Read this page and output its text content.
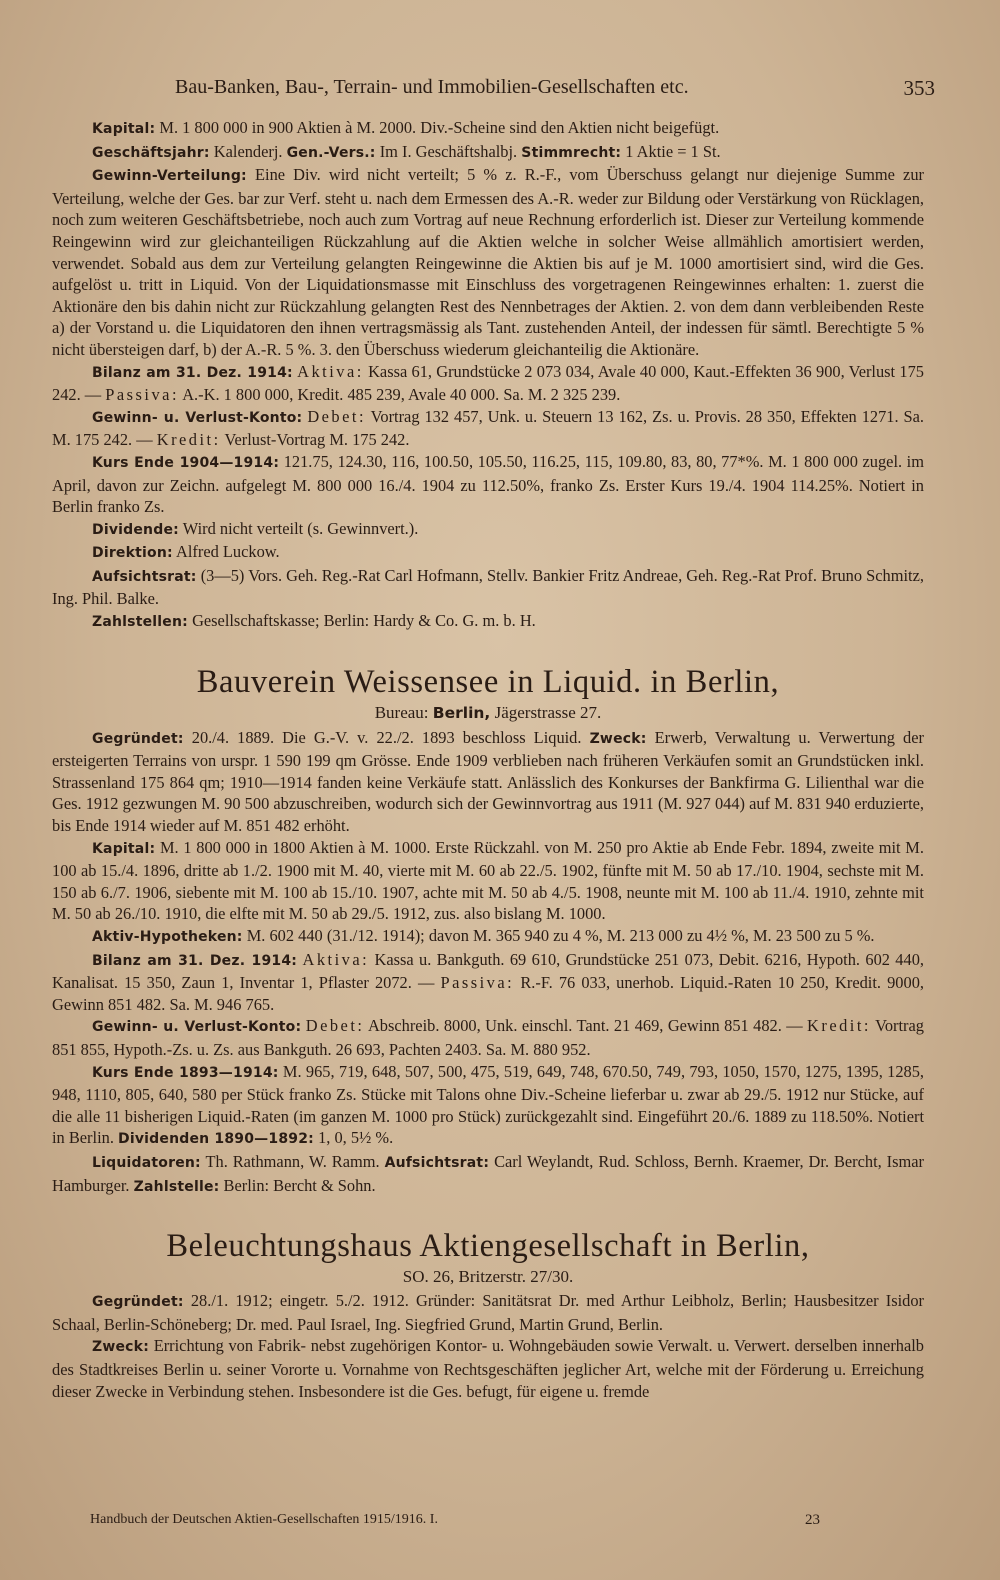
Bau-Banken, Bau-, Terrain- und Immobilien-Gesellschaften etc.	353

Kapital: M. 1 800 000 in 900 Aktien à M. 2000. Div.-Scheine sind den Aktien nicht beigefügt.

Geschäftsjahr: Kalenderj. Gen.-Vers.: Im I. Geschäftshalbj. Stimmrecht: 1 Aktie = 1 St.

Gewinn-Verteilung: Eine Div. wird nicht verteilt; 5 % z. R.-F., vom Überschuss gelangt nur diejenige Summe zur Verteilung, welche der Ges. bar zur Verf. steht u. nach dem Ermessen des A.-R. weder zur Bildung oder Verstärkung von Rücklagen, noch zum weiteren Geschäftsbetriebe, noch auch zum Vortrag auf neue Rechnung erforderlich ist. Dieser zur Verteilung kommende Reingewinn wird zur gleichanteiligen Rückzahlung auf die Aktien welche in solcher Weise allmählich amortisiert werden, verwendet. Sobald aus dem zur Verteilung gelangten Reingewinne die Aktien bis auf je M. 1000 amortisiert sind, wird die Ges. aufgelöst u. tritt in Liquid. Von der Liquidationsmasse mit Einschluss des vorgetragenen Reingewinnes erhalten: 1. zuerst die Aktionäre den bis dahin nicht zur Rückzahlung gelangten Rest des Nennbetrages der Aktien. 2. von dem dann verbleibenden Reste a) der Vorstand u. die Liquidatoren den ihnen vertragsmässig als Tant. zustehenden Anteil, der indessen für sämtl. Berechtigte 5 % nicht übersteigen darf, b) der A.-R. 5 %. 3. den Überschuss wiederum gleichanteilig die Aktionäre.

Bilanz am 31. Dez. 1914: Aktiva: Kassa 61, Grundstücke 2 073 034, Avale 40 000, Kaut.-Effekten 36 900, Verlust 175 242. — Passiva: A.-K. 1 800 000, Kredit. 485 239, Avale 40 000. Sa. M. 2 325 239.

Gewinn- u. Verlust-Konto: Debet: Vortrag 132 457, Unk. u. Steuern 13 162, Zs. u. Provis. 28 350, Effekten 1271. Sa. M. 175 242. — Kredit: Verlust-Vortrag M. 175 242.

Kurs Ende 1904—1914: 121.75, 124.30, 116, 100.50, 105.50, 116.25, 115, 109.80, 83, 80, 77*%. M. 1 800 000 zugel. im April, davon zur Zeichn. aufgelegt M. 800 000 16./4. 1904 zu 112.50%, franko Zs. Erster Kurs 19./4. 1904 114.25%. Notiert in Berlin franko Zs.

Dividende: Wird nicht verteilt (s. Gewinnvert.).

Direktion: Alfred Luckow.

Aufsichtsrat: (3—5) Vors. Geh. Reg.-Rat Carl Hofmann, Stellv. Bankier Fritz Andreae, Geh. Reg.-Rat Prof. Bruno Schmitz, Ing. Phil. Balke.

Zahlstellen: Gesellschaftskasse; Berlin: Hardy & Co. G. m. b. H.

Bauverein Weissensee in Liquid. in Berlin,
Bureau: Berlin, Jägerstrasse 27.

Gegründet: 20./4. 1889. Die G.-V. v. 22./2. 1893 beschloss Liquid. Zweck: Erwerb, Verwaltung u. Verwertung der ersteigerten Terrains von urspr. 1 590 199 qm Grösse. Ende 1909 verblieben nach früheren Verkäufen somit an Grundstücken inkl. Strassenland 175 864 qm; 1910—1914 fanden keine Verkäufe statt. Anlässlich des Konkurses der Bankfirma G. Lilienthal war die Ges. 1912 gezwungen M. 90 500 abzuschreiben, wodurch sich der Gewinnvortrag aus 1911 (M. 927 044) auf M. 831 940 erduzierte, bis Ende 1914 wieder auf M. 851 482 erhöht.

Kapital: M. 1 800 000 in 1800 Aktien à M. 1000. Erste Rückzahl. von M. 250 pro Aktie ab Ende Febr. 1894, zweite mit M. 100 ab 15./4. 1896, dritte ab 1./2. 1900 mit M. 40, vierte mit M. 60 ab 22./5. 1902, fünfte mit M. 50 ab 17./10. 1904, sechste mit M. 150 ab 6./7. 1906, siebente mit M. 100 ab 15./10. 1907, achte mit M. 50 ab 4./5. 1908, neunte mit M. 100 ab 11./4. 1910, zehnte mit M. 50 ab 26./10. 1910, die elfte mit M. 50 ab 29./5. 1912, zus. also bislang M. 1000.

Aktiv-Hypotheken: M. 602 440 (31./12. 1914); davon M. 365 940 zu 4 %, M. 213 000 zu 4½ %, M. 23 500 zu 5 %.

Bilanz am 31. Dez. 1914: Aktiva: Kassa u. Bankguth. 69 610, Grundstücke 251 073, Debit. 6216, Hypoth. 602 440, Kanalisat. 15 350, Zaun 1, Inventar 1, Pflaster 2072. — Passiva: R.-F. 76 033, unerhob. Liquid.-Raten 10 250, Kredit. 9000, Gewinn 851 482. Sa. M. 946 765.

Gewinn- u. Verlust-Konto: Debet: Abschreib. 8000, Unk. einschl. Tant. 21 469, Gewinn 851 482. — Kredit: Vortrag 851 855, Hypoth.-Zs. u. Zs. aus Bankguth. 26 693, Pachten 2403. Sa. M. 880 952.

Kurs Ende 1893—1914: M. 965, 719, 648, 507, 500, 475, 519, 649, 748, 670.50, 749, 793, 1050, 1570, 1275, 1395, 1285, 948, 1110, 805, 640, 580 per Stück franko Zs. Stücke mit Talons ohne Div.-Scheine lieferbar u. zwar ab 29./5. 1912 nur Stücke, auf die alle 11 bisherigen Liquid.-Raten (im ganzen M. 1000 pro Stück) zurückgezahlt sind. Eingeführt 20./6. 1889 zu 118.50%. Notiert in Berlin. Dividenden 1890—1892: 1, 0, 5½ %.

Liquidatoren: Th. Rathmann, W. Ramm. Aufsichtsrat: Carl Weylandt, Rud. Schloss, Bernh. Kraemer, Dr. Bercht, Ismar Hamburger. Zahlstelle: Berlin: Bercht & Sohn.

Beleuchtungshaus Aktiengesellschaft in Berlin,
SO. 26, Britzerstr. 27/30.

Gegründet: 28./1. 1912; eingetr. 5./2. 1912. Gründer: Sanitätsrat Dr. med Arthur Leibholz, Berlin; Hausbesitzer Isidor Schaal, Berlin-Schöneberg; Dr. med. Paul Israel, Ing. Siegfried Grund, Martin Grund, Berlin.

Zweck: Errichtung von Fabrik- nebst zugehörigen Kontor- u. Wohngebäuden sowie Verwalt. u. Verwert. derselben innerhalb des Stadtkreises Berlin u. seiner Vororte u. Vornahme von Rechtsgeschäften jeglicher Art, welche mit der Förderung u. Erreichung dieser Zwecke in Verbindung stehen. Insbesondere ist die Ges. befugt, für eigene u. fremde

Handbuch der Deutschen Aktien-Gesellschaften 1915/1916. I.	23
